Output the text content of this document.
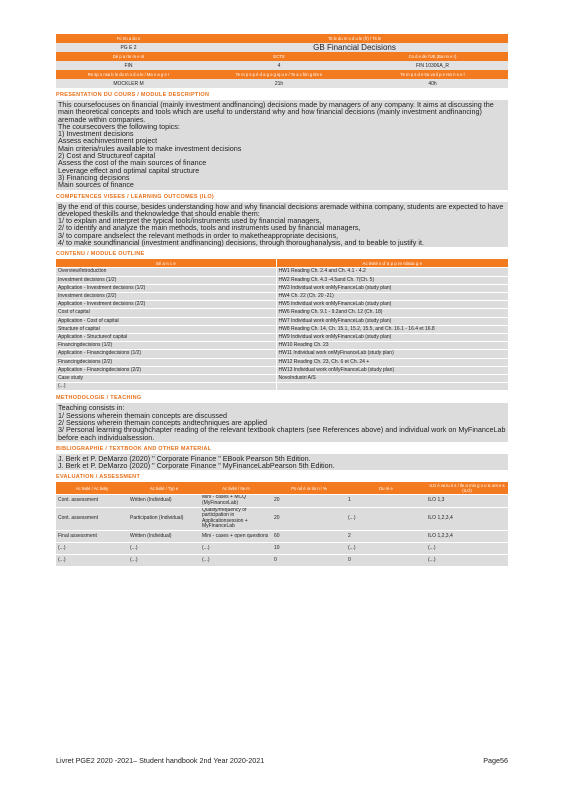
Fo rm a tio n	Tit le du m o d u le (fr) / Tit le	
PG E 2	GB Financial Decisions	
Dé p a rte m e nt	ECTS	Co d e de l'UE (Ba nn e r)
FIN	4	FIN 10306A_R
Re sp o nsa b le du m o d u le / Ma n a g e r	Te m p s p é d a g o g iq u e / Te a c hin g tim e	Te m p s d e tra va il p e rso n n e l
MOCKLER M	21h	40h
PRESENTATION DU COURS / MODULE DESCRIPTION
This coursefocuses on financial (mainly investment andfinancing) decisions made by managers of any company. It aims at discussing the main theoretical concepts and tools which are useful to understand why and how financial decisions (mainly investment andfinancing) aremade within companies.
The coursecovers the following topics:
1) Investment decisions
Assess eachinvestment project
Main criteria/rules available to make investment decisions
2) Cost and Structureof capital
Assess the cost of the main sources of finance
Leverage effect and optimal capital structure
3) Financing decisions
Main sources of finance
COMPETENCES VISEES / LEARNING OUTCOMES (ILO)
By the end of this course, besides understanding how and why financial decisions aremade withina company, students are expected to have developed theskills and theknowledge that should enable them:
1/ to explain and interpret the typical tools/instruments used by financial managers,
2/ to identify and analyze the main methods, tools and instruments used by financial managers,
3/ to compare andselect the relevant methods in order to maketheappropriate decisions,
4/ to make soundfinancial (investment andfinancing) decisions, through thoroughanalysis, and to beable to justify it.
CONTENU / MODULE OUTLINE
Sé a n c e	Ac tivité s d 'a p p re ntissa g e
Overview/Introduction	HW1 Reading Ch. 2.4 and Ch. 4.1 - 4.2
Investment decisions (1/2)	HW2 Reading Ch. 4.3 -4.5and Ch. 7(Ch. 5)
Application - Investment decisions (1/2)	HW3 Individual work onMyFinanceLab (study plan)
Investment decisions (2/2)	HW4 Ch. 22 (Ch. 20 -21)
Application - Investment decisions (2/2)	HW5 Individual work onMyFinanceLab (study plan)
Cost of capital	HW6 Reading Ch. 9.1 - 9.2and Ch. 12 (Ch. 18)
Application - Cost of capital	HW7 Individual work onMyFinanceLab (study plan)
Structure of capital	HW8 Reading Ch. 14, Ch. 15.1, 15.2, 15.5, and Ch. 16.1 - 16.4 et 16.8
Application - Structureof capital	HW9 Individual work onMyFinanceLab (study plan)
Financingdecisions (1/2)	HW10 Reading Ch. 23
Application - Financingdecisions (1/2)	HW11 Individual work onMyFinanceLab (study plan)
Financingdecisions (2/2)	HW12 Reading Ch. 23, Ch. 6 et Ch. 24 +
Application - Financingdecisions (2/2)	HW13 Individual work onMyFinanceLab (study plan)
Case study	NovoIndustri A/S
(...)	
METHODOLOGIE / TEACHING
Teaching consists in:
1/ Sessions wherein themain concepts are discussed
2/ Sessions wherein themain concepts andtechniques are applied
3/ Personal learning throughchapter reading of the relevant textbook chapters (see References above) and individual work on MyFinanceLab before each individualsession.
BIBLIOGRAPHIE / TEXTBOOK AND OTHER MATERIAL
J. Berk et P. DeMarzo (2020) " Corporate Finance " EBook Pearson 5th Edition.
J. Berk et P. DeMarzo (2020) " Corporate Finance " MyFinanceLabPearson 5th Edition.
EVALUATION / ASSESSMENT
Ac tivité / Ac tivity	Ac tivité / Typ e	Ac tivité / Ite m	Po nd é ra tio n / %	Du ré e	ILO é va lu é s / Ile a rnin g o u tc om e s (ILO)
Cont. assessment	Written (Individual)	Mini - cases + MCQ (MyFinanceLab)	20	1	ILO 1,3
Cont. assessment	Participation (Individual)	Quality/frequency of participation in Applicationsession + MyFinanceLab	20	(...)	ILO 1,2,3,4
Final assessment	Written (Individual)	Mini - cases + open questions	60	2	ILO 1,2,3,4
(...)	(...)	(...)	10	(...)	(...)
(...)	(...)	(...)	0	0	(...)
Livret PGE2 2020 -2021– Student handbook 2nd Year 2020-2021	Page56
